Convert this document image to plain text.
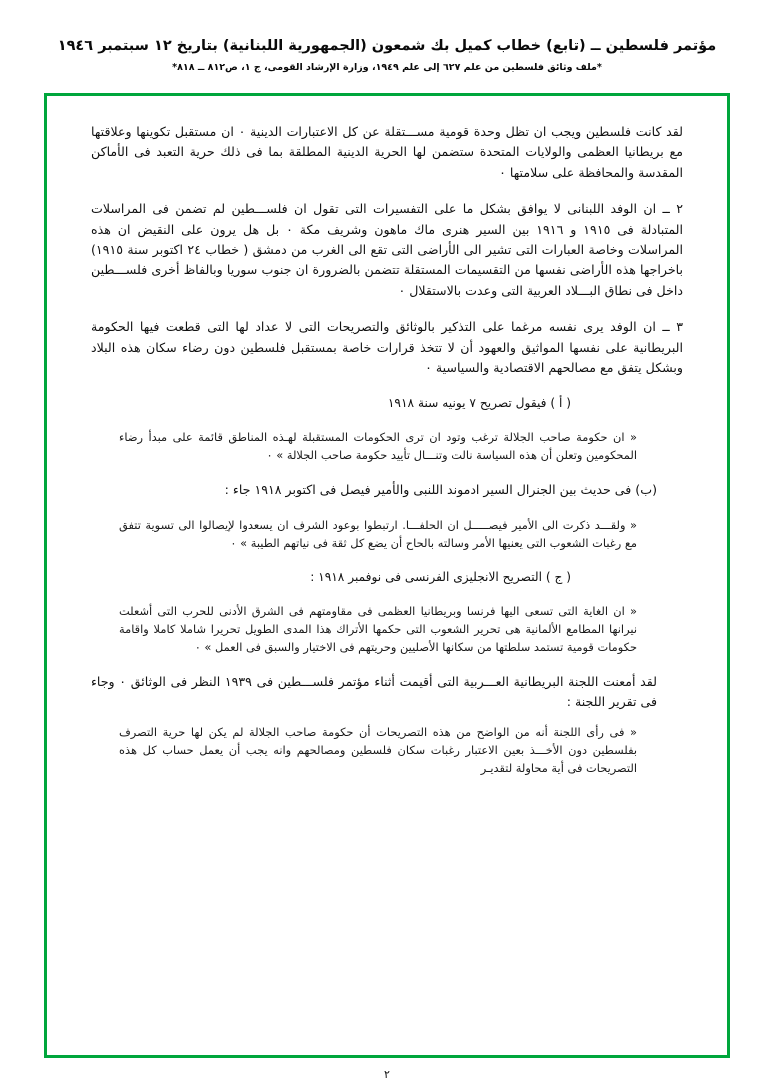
مؤتمر فلسطين ــ (تابع) خطاب كميل بك شمعون (الجمهورية اللبنانية) بتاريخ ١٢ سبتمبر ١٩٤٦
*ملف وثائق فلسطين من علم ٦٢٧ إلى علم ١٩٤٩، وزارة الإرشاد القومى، ج ١، ص٨١٢ ــ ٨١٨*

لقد كانت فلسطين ويجب ان تظل وحدة قومية مســـتقلة عن كل الاعتبارات الدينية ٠ ان مستقبل تكوينها وعلاقتها مع بريطانيا العظمى والولايات المتحدة ستضمن لها الحرية الدينية المطلقة بما فى ذلك حرية التعبد فى الأماكن المقدسة والمحافظة على سلامتها ٠

٢ ــ ان الوفد اللبنانى لا يوافق بشكل ما على التفسيرات التى تقول ان فلســـطين لم تضمن فى المراسلات المتبادلة فى ١٩١٥ و ١٩١٦ بين السير هنرى ماك ماهون وشريف مكة ٠ بل هل يرون على النقيض ان هذه المراسلات وخاصة العبارات التى تشير الى الأراضى التى تقع الى الغرب من دمشق ( خطاب ٢٤ اكتوبر سنة ١٩١٥) باخراجها هذه الأراضى نفسها من التقسيمات المستقلة تتضمن بالضرورة ان جنوب سوريا وبالفاظ أخرى فلســـطين داخل فى نطاق البـــلاد العربية التى وعدت بالاستقلال ٠

٣ ــ ان الوفد يرى نفسه مرغما على التذكير بالوثائق والتصريحات التى لا عداد لها التى قطعت فيها الحكومة البريطانية على نفسها المواثيق والعهود أن لا تتخذ قرارات خاصة بمستقبل فلسطين دون رضاء سكان هذه البلاد وبشكل يتفق مع مصالحهم الاقتصادية والسياسية ٠

( أ ) فيقول تصريح ٧ يونيه سنة ١٩١٨

« ان حكومة صاحب الجلالة ترغب وتود ان ترى الحكومات المستقبلة لهـذه المناطق قائمة على مبدأ رضاء المحكومين وتعلن أن هذه السياسة نالت وتنـــال تأييد حكومة صاحب الجلالة » ٠

(ب) فى حديث بين الجنرال السير ادموند اللنبى والأمير فيصل فى اكتوبر ١٩١٨ جاء :

« ولقـــد ذكرت الى الأمير فيصـــــل ان الحلفـــا. ارتبطوا بوعود الشرف ان يسعدوا لإيصالوا الى تسوية تتفق مع رغبات الشعوب التى يعنيها الأمر وسالته بالحاح أن يضع كل ثقة فى نياتهم الطيبة » ٠

( ج ) التصريح الانجليزى الفرنسى فى نوفمبر ١٩١٨ :

« ان الغاية التى تسعى اليها فرنسا وبريطانيا العظمى فى مقاومتهم فى الشرق الأدنى للحرب التى أشعلت نيرانها المطامع الألمانية هى تحرير الشعوب التى حكمها الأتراك هذا المدى الطويل تحريرا شاملا كاملا واقامة حكومات قومية تستمد سلطتها من سكانها الأصليين وحريتهم فى الاختيار والسبق فى العمل » ٠

لقد أمعنت اللجنة البريطانية العـــربية التى أقيمت أثناء مؤتمر فلســـطين فى ١٩٣٩ النظر فى الوثائق ٠ وجاء فى تقرير اللجنة :

« فى رأى اللجنة أنه من الواضح من هذه التصريحات أن حكومة صاحب الجلالة لم يكن لها حرية التصرف بفلسطين دون الأخـــذ بعين الاعتبار رغبات سكان فلسطين ومصالحهم وانه يجب أن يعمل حساب كل هذه التصريحات فى أية محاولة لتقديـر

٢
